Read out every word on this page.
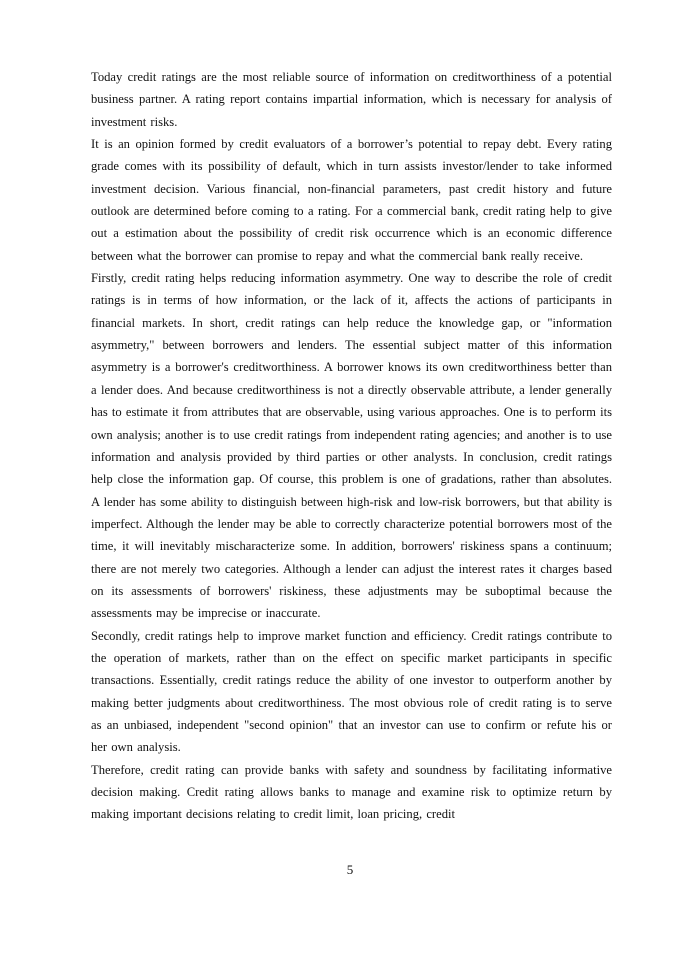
Today credit ratings are the most reliable source of information on creditworthiness of a potential business partner. A rating report contains impartial information, which is necessary for analysis of investment risks.

It is an opinion formed by credit evaluators of a borrower’s potential to repay debt. Every rating grade comes with its possibility of default, which in turn assists investor/lender to take informed investment decision. Various financial, non-financial parameters, past credit history and future outlook are determined before coming to a rating. For a commercial bank, credit rating help to give out a estimation about the possibility of credit risk occurrence which is an economic difference between what the borrower can promise to repay and what the commercial bank really receive.

Firstly, credit rating helps reducing information asymmetry. One way to describe the role of credit ratings is in terms of how information, or the lack of it, affects the actions of participants in financial markets. In short, credit ratings can help reduce the knowledge gap, or "information asymmetry," between borrowers and lenders. The essential subject matter of this information asymmetry is a borrower's creditworthiness. A borrower knows its own creditworthiness better than a lender does. And because creditworthiness is not a directly observable attribute, a lender generally has to estimate it from attributes that are observable, using various approaches. One is to perform its own analysis; another is to use credit ratings from independent rating agencies; and another is to use information and analysis provided by third parties or other analysts. In conclusion, credit ratings help close the information gap. Of course, this problem is one of gradations, rather than absolutes. A lender has some ability to distinguish between high-risk and low-risk borrowers, but that ability is imperfect. Although the lender may be able to correctly characterize potential borrowers most of the time, it will inevitably mischaracterize some. In addition, borrowers' riskiness spans a continuum; there are not merely two categories. Although a lender can adjust the interest rates it charges based on its assessments of borrowers' riskiness, these adjustments may be suboptimal because the assessments may be imprecise or inaccurate.

Secondly, credit ratings help to improve market function and efficiency. Credit ratings contribute to the operation of markets, rather than on the effect on specific market participants in specific transactions. Essentially, credit ratings reduce the ability of one investor to outperform another by making better judgments about creditworthiness. The most obvious role of credit rating is to serve as an unbiased, independent "second opinion" that an investor can use to confirm or refute his or her own analysis.

Therefore, credit rating can provide banks with safety and soundness by facilitating informative decision making. Credit rating allows banks to manage and examine risk to optimize return by making important decisions relating to credit limit, loan pricing, credit

5
